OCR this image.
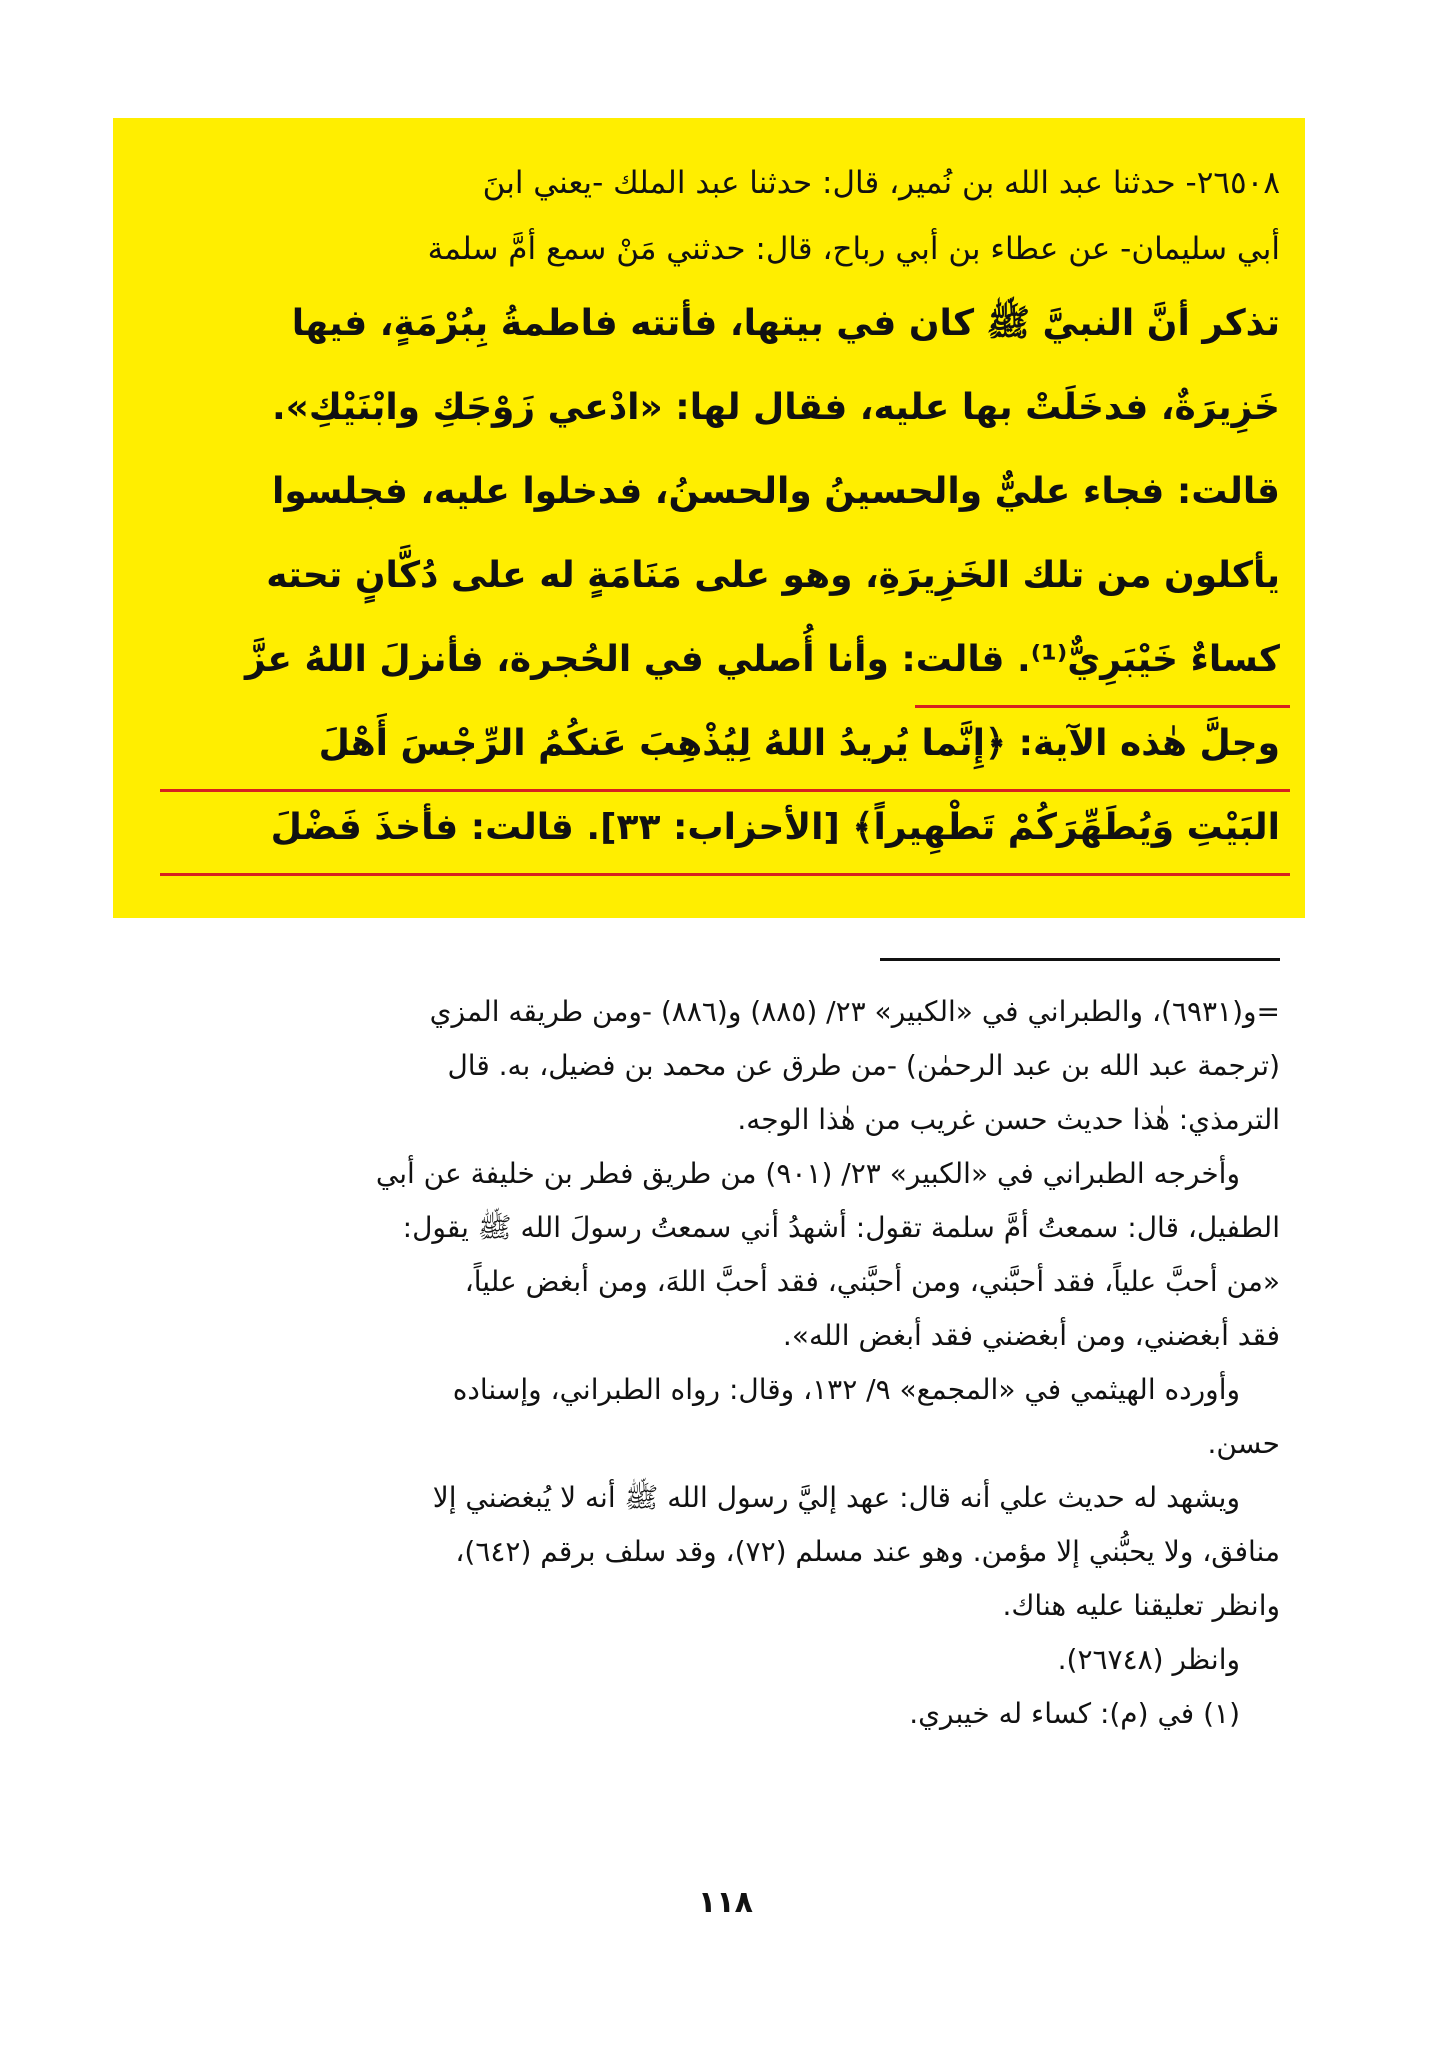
٢٦٥٠٨- حدثنا عبد الله بن نُمير، قال: حدثنا عبد الملك -يعني ابنَ
أبي سليمان- عن عطاء بن أبي رباح، قال: حدثني مَنْ سمع أمَّ سلمة
تذكر أنَّ النبيَّ ﷺ كان في بيتها، فأتته فاطمةُ بِبُرْمَةٍ، فيها
خَزِيرَةٌ، فدخَلَتْ بها عليه، فقال لها: «ادْعي زَوْجَكِ وابْنَيْكِ».
قالت: فجاء عليٌّ والحسينُ والحسنُ، فدخلوا عليه، فجلسوا
يأكلون من تلك الخَزِيرَةِ، وهو على مَنَامَةٍ له على دُكَّانٍ تحته
كساءٌ خَيْبَرِيٌّ⁽¹⁾. قالت: وأنا أُصلي في الحُجرة، فأنزلَ اللهُ عزَّ
وجلَّ هٰذه الآية: ﴿إِنَّما يُريدُ اللهُ لِيُذْهِبَ عَنكُمُ الرِّجْسَ أَهْلَ
البَيْتِ وَيُطَهِّرَكُمْ تَطْهِيراً﴾ [الأحزاب: ٣٣]. قالت: فأخذَ فَضْلَ
=و(٦٩٣١)، والطبراني في «الكبير» ٢٣/ (٨٨٥) و(٨٨٦) -ومن طريقه المزي
(ترجمة عبد الله بن عبد الرحمٰن) -من طرق عن محمد بن فضيل، به. قال
الترمذي: هٰذا حديث حسن غريب من هٰذا الوجه.
وأخرجه الطبراني في «الكبير» ٢٣/ (٩٠١) من طريق فطر بن خليفة عن أبي
الطفيل، قال: سمعتُ أمَّ سلمة تقول: أشهدُ أني سمعتُ رسولَ الله ﷺ يقول:
«من أحبَّ علياً، فقد أحبَّني، ومن أحبَّني، فقد أحبَّ اللهَ، ومن أبغض علياً،
فقد أبغضني، ومن أبغضني فقد أبغض الله».
وأورده الهيثمي في «المجمع» ٩/ ١٣٢، وقال: رواه الطبراني، وإسناده
حسن.
ويشهد له حديث علي أنه قال: عهد إليَّ رسول الله ﷺ أنه لا يُبغضني إلا
منافق، ولا يحبُّني إلا مؤمن. وهو عند مسلم (٧٢)، وقد سلف برقم (٦٤٢)،
وانظر تعليقنا عليه هناك.
وانظر (٢٦٧٤٨).
(١) في (م): كساء له خيبري.
١١٨
